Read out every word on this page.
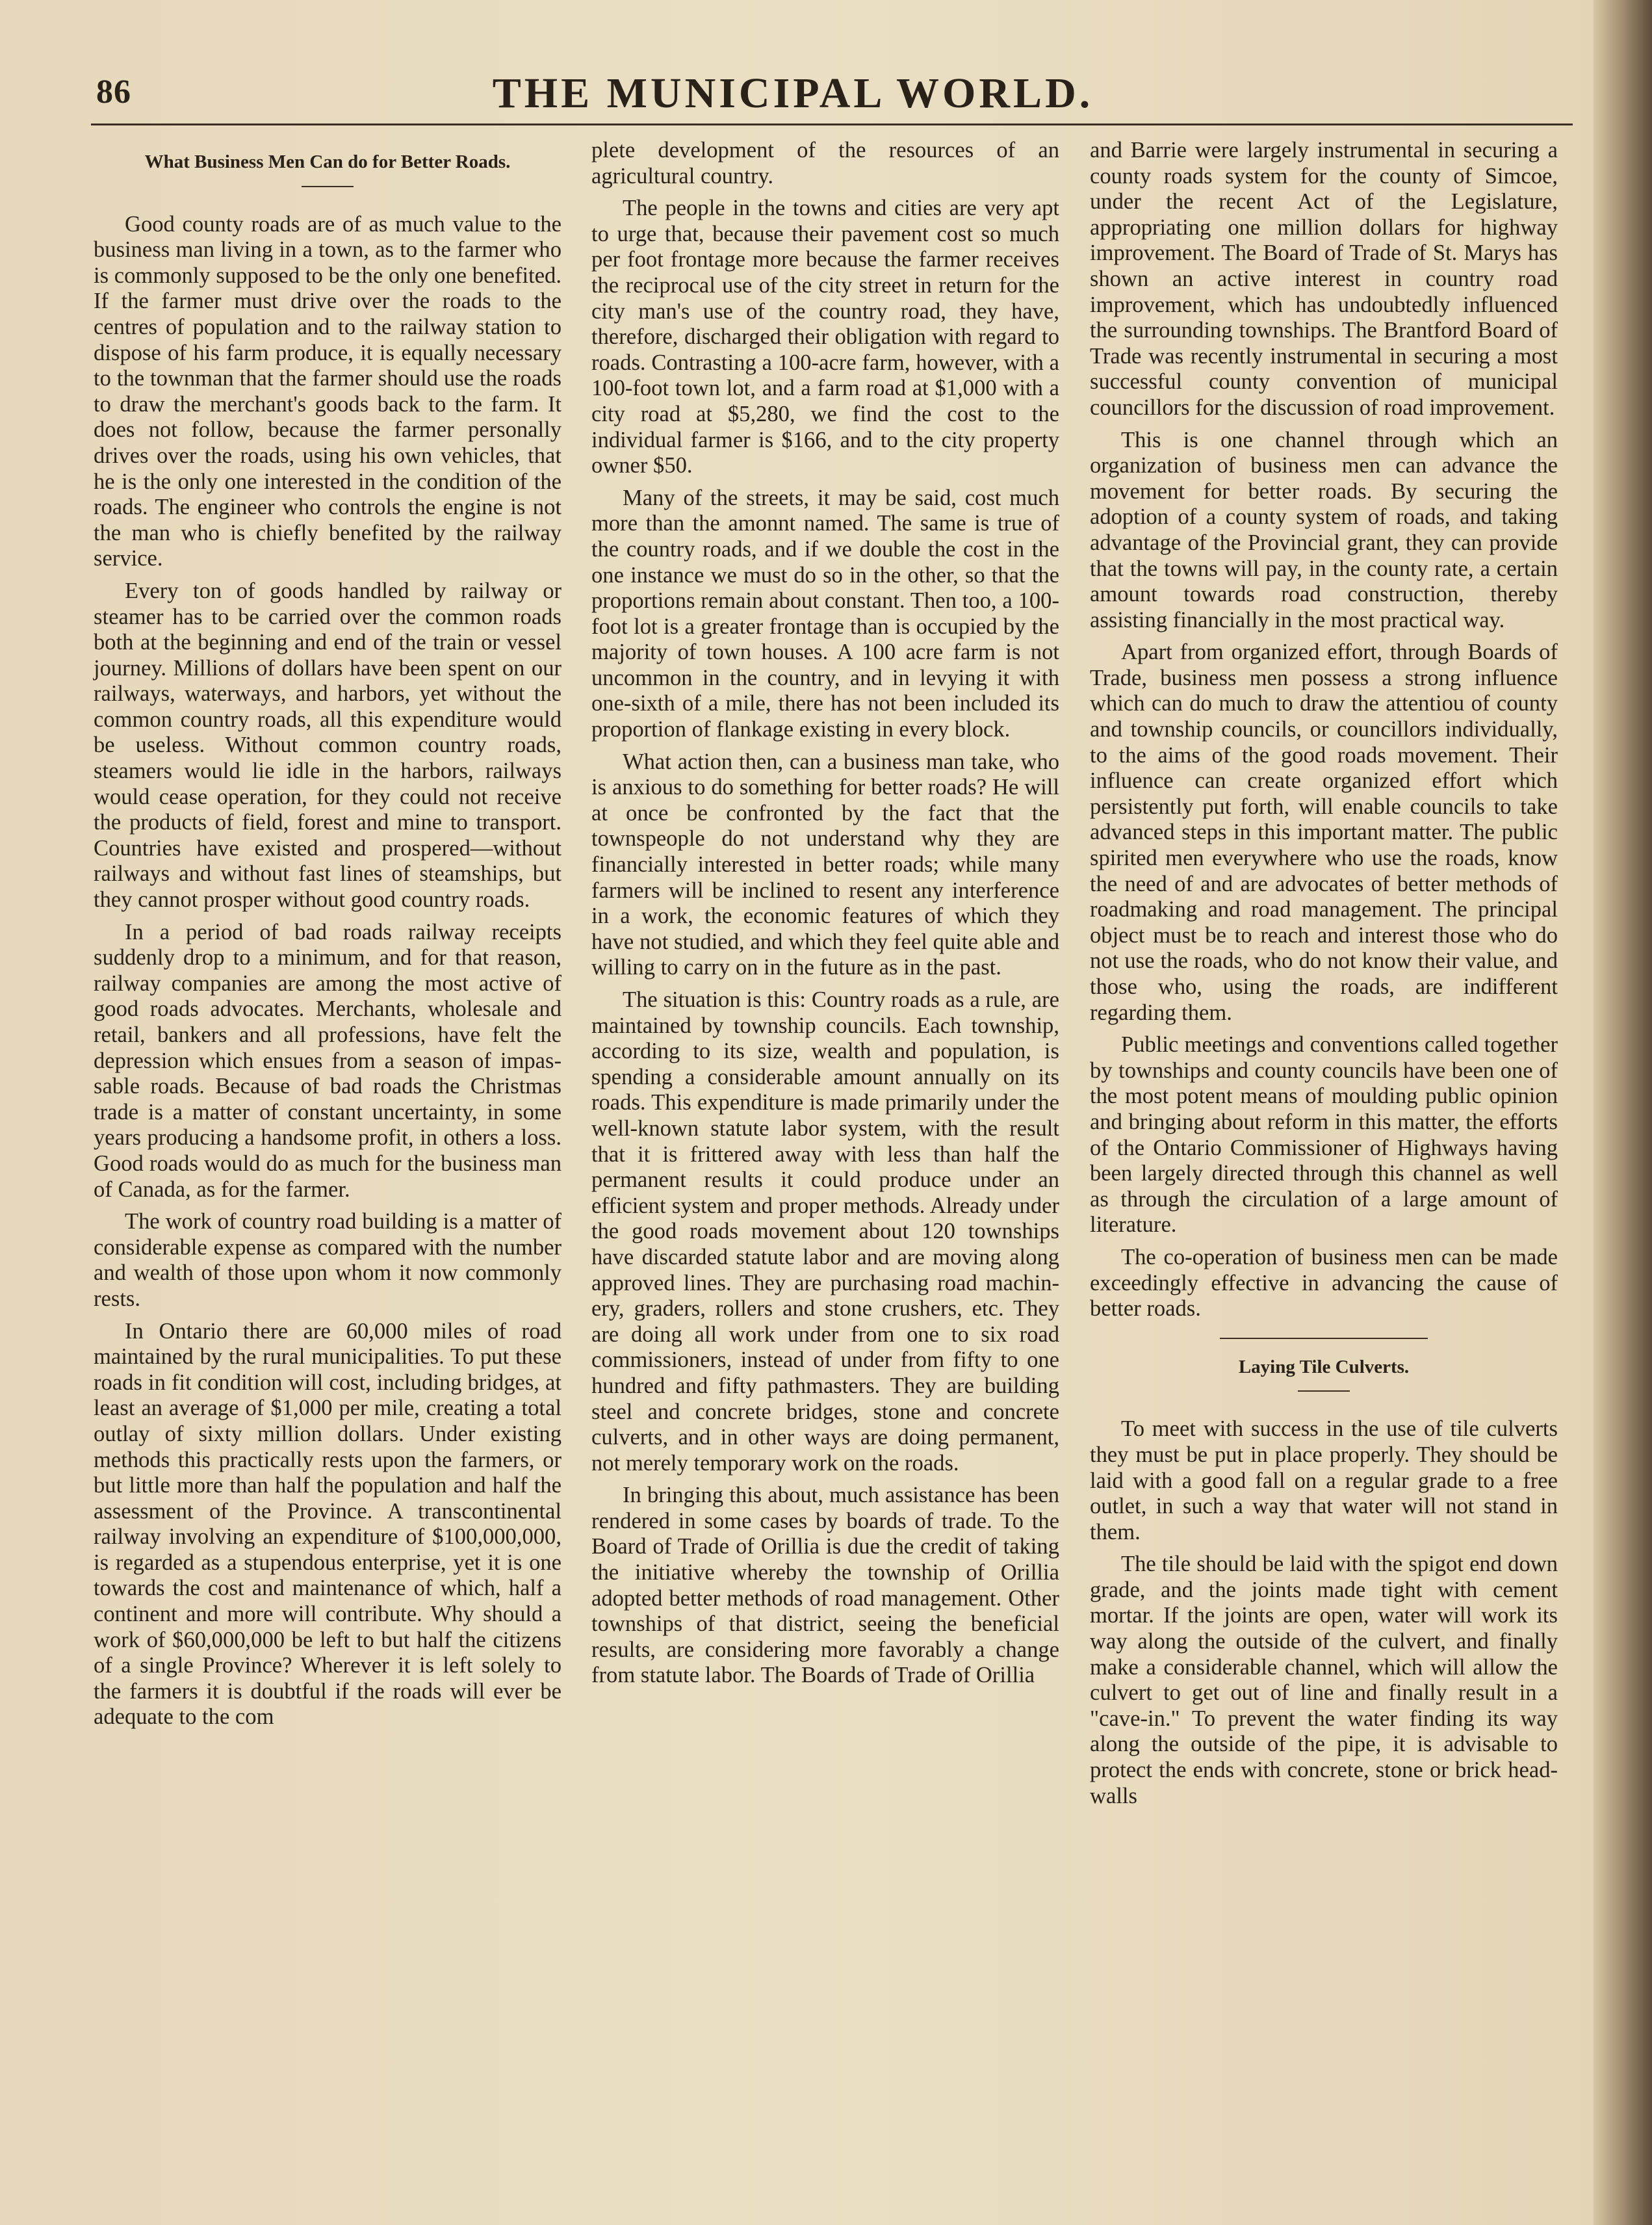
86	THE MUNICIPAL WORLD.
What Business Men Can do for Better Roads.

Good county roads are of as much value to the business man living in a town, as to the farmer who is commonly supposed to be the only one benefited. If the farmer must drive over the roads to the centres of population and to the railway station to dispose of his farm produce, it is equally necessary to the townman that the farmer should use the roads to draw the merchant's goods back to the farm. It does not follow, because the farmer personally drives over the roads, using his own vehicles, that he is the only one interested in the condition of the roads. The engineer who controls the engine is not the man who is chiefly benefited by the railway service.

Every ton of goods handled by railway or steamer has to be carried over the common roads both at the beginning and end of the train or vessel journey. Millions of dollars have been spent on our railways, waterways, and harbors, yet without the common country roads, all this expenditure would be useless. Without common country roads, steamers would lie idle in the harbors, railways would cease operation, for they could not receive the products of field, forest and mine to transport. Countries have existed and prospered—without railways and without fast lines of steamships, but they cannot prosper without good country roads.

In a period of bad roads railway receipts suddenly drop to a minimum, and for that reason, railway companies are among the most active of good roads advocates. Merchants, wholesale and retail, bankers and all professions, have felt the depression which ensues from a season of impassable roads. Because of bad roads the Christmas trade is a matter of constant uncertainty, in some years producing a handsome profit, in others a loss. Good roads would do as much for the business man of Canada, as for the farmer.

The work of country road building is a matter of considerable expense as compared with the number and wealth of those upon whom it now commonly rests.

In Ontario there are 60,000 miles of road maintained by the rural municipalities. To put these roads in fit condition will cost, including bridges, at least an average of $1,000 per mile, creating a total outlay of sixty million dollars. Under existing methods this practically rests upon the farmers, or but little more than half the population and half the assessment of the Province. A transcontinental railway involving an expenditure of $100,000,000, is regarded as a stupendous enterprise, yet it is one towards the cost and maintenance of which, half a continent and more will contribute. Why should a work of $60,000,000 be left to but half the citizens of a single Province? Wherever it is left solely to the farmers it is doubtful if the roads will ever be adequate to the com

plete development of the resources of an agricultural country.

The people in the towns and cities are very apt to urge that, because their pavement cost so much per foot frontage more because the farmer receives the reciprocal use of the city street in return for the city man's use of the country road, they have, therefore, discharged their obligation with regard to roads. Contrasting a 100-acre farm, however, with a 100-foot town lot, and a farm road at $1,000 with a city road at $5,280, we find the cost to the individual farmer is $166, and to the city property owner $50.

Many of the streets, it may be said, cost much more than the amonnt named. The same is true of the country roads, and if we double the cost in the one instance we must do so in the other, so that the proportions remain about constant. Then too, a 100-foot lot is a greater frontage than is occupied by the majority of town houses. A 100 acre farm is not uncommon in the country, and in levying it with one-sixth of a mile, there has not been included its proportion of flankage existing in every block.

What action then, can a business man take, who is anxious to do something for better roads? He will at once be confronted by the fact that the townspeople do not understand why they are financially interested in better roads; while many farmers will be inclined to resent any interference in a work, the economic features of which they have not studied, and which they feel quite able and willing to carry on in the future as in the past.

The situation is this: Country roads as a rule, are maintained by township councils. Each township, according to its size, wealth and population, is spending a considerable amount annually on its roads. This expenditure is made primarily under the well-known statute labor system, with the result that it is frittered away with less than half the permanent results it could produce under an efficient system and proper methods. Already under the good roads movement about 120 townships have discarded statute labor and are moving along approved lines. They are purchasing road machinery, graders, rollers and stone crushers, etc. They are doing all work under from one to six road commissioners, instead of under from fifty to one hundred and fifty pathmasters. They are building steel and concrete bridges, stone and concrete culverts, and in other ways are doing permanent, not merely temporary work on the roads.

In bringing this about, much assistance has been rendered in some cases by boards of trade. To the Board of Trade of Orillia is due the credit of taking the initiative whereby the township of Orillia adopted better methods of road management. Other townships of that district, seeing the beneficial results, are considering more favorably a change from statute labor. The Boards of Trade of Orillia

and Barrie were largely instrumental in securing a county roads system for the county of Simcoe, under the recent Act of the Legislature, appropriating one million dollars for highway improvement. The Board of Trade of St. Marys has shown an active interest in country road improvement, which has undoubtedly influenced the surrounding townships. The Brantford Board of Trade was recently instrumental in securing a most successful county convention of municipal councillors for the discussion of road improvement.

This is one channel through which an organization of business men can advance the movement for better roads. By securing the adoption of a county system of roads, and taking advantage of the Provincial grant, they can provide that the towns will pay, in the county rate, a certain amount towards road construction, thereby assisting financially in the most practical way.

Apart from organized effort, through Boards of Trade, business men possess a strong influence which can do much to draw the attentiou of county and township councils, or councillors individually, to the aims of the good roads movement. Their influence can create organized effort which persistently put forth, will enable councils to take advanced steps in this important matter. The public spirited men everywhere who use the roads, know the need of and are advocates of better methods of roadmaking and road management. The principal object must be to reach and interest those who do not use the roads, who do not know their value, and those who, using the roads, are indifferent regarding them.

Public meetings and conventions called together by townships and county councils have been one of the most potent means of moulding public opinion and bringing about reform in this matter, the efforts of the Ontario Commissioner of Highways having been largely directed through this channel as well as through the circulation of a large amount of literature.

The co-operation of business men can be made exceedingly effective in advancing the cause of better roads.

Laying Tile Culverts.

To meet with success in the use of tile culverts they must be put in place properly. They should be laid with a good fall on a regular grade to a free outlet, in such a way that water will not stand in them.

The tile should be laid with the spigot end down grade, and the joints made tight with cement mortar. If the joints are open, water will work its way along the outside of the culvert, and finally make a considerable channel, which will allow the culvert to get out of line and finally result in a "cave-in." To prevent the water finding its way along the outside of the pipe, it is advisable to protect the ends with concrete, stone or brick head-walls
